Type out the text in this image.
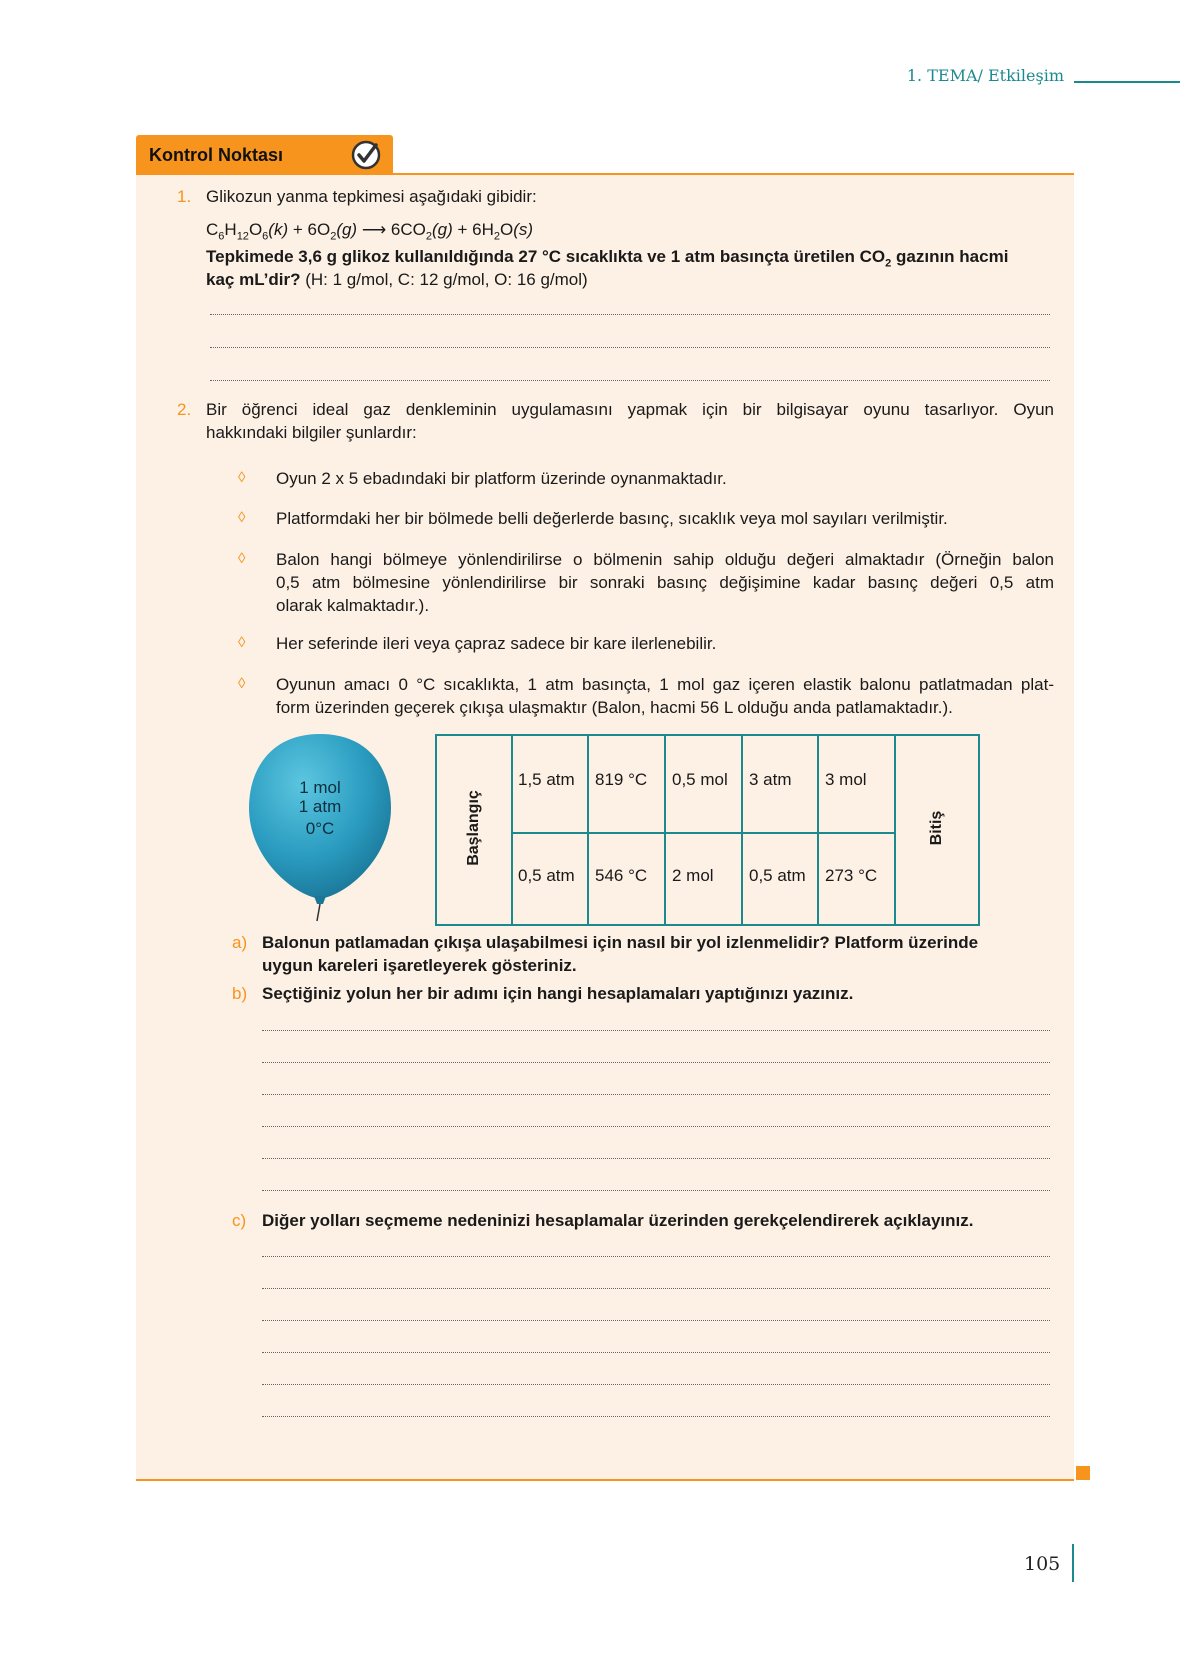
1. TEMA/ Etkileşim
Kontrol Noktası
1. Glikozun yanma tepkimesi aşağıdaki gibidir:
$C_6H_{12}O_6(k) + 6O_2(g)$ ⟶ $6CO_2(g) + 6H_2O(s)$
Tepkimede 3,6 g glikoz kullanıldığında 27 °C sıcaklıkta ve 1 atm basınçta üretilen $CO_2$ gazının hacmi
kaç mL’dir? (H: 1 g/mol, C: 12 g/mol, O: 16 g/mol)
2. Bir öğrenci ideal gaz denkleminin uygulamasını yapmak için bir bilgisayar oyunu tasarlıyor. Oyun
hakkındaki bilgiler şunlardır:
◊ Oyun 2 x 5 ebadındaki bir platform üzerinde oynanmaktadır.
◊ Platformdaki her bir bölmede belli değerlerde basınç, sıcaklık veya mol sayıları verilmiştir.
◊ Balon hangi bölmeye yönlendirilirse o bölmenin sahip olduğu değeri almaktadır (Örneğin balon
0,5 atm bölmesine yönlendirilirse bir sonraki basınç değişimine kadar basınç değeri 0,5 atm
olarak kalmaktadır.).
◊ Her seferinde ileri veya çapraz sadece bir kare ilerlenebilir.
◊ Oyunun amacı 0 °C sıcaklıkta, 1 atm basınçta, 1 mol gaz içeren elastik balonu patlatmadan plat-
form üzerinden geçerek çıkışa ulaşmaktır (Balon, hacmi 56 L olduğu anda patlamaktadır.).
1 mol
1 atm
0°C	Başlangıç	Bitiş
1,5 atm 819 °C 0,5 mol 3 atm 3 mol
0,5 atm 546 °C 2 mol 0,5 atm 273 °C
a) Balonun patlamadan çıkışa ulaşabilmesi için nasıl bir yol izlenmelidir? Platform üzerinde
uygun kareleri işaretleyerek gösteriniz.
b) Seçtiğiniz yolun her bir adımı için hangi hesaplamaları yaptığınızı yazınız.
c) Diğer yolları seçmeme nedeninizi hesaplamalar üzerinden gerekçelendirerek açıklayınız.
105
